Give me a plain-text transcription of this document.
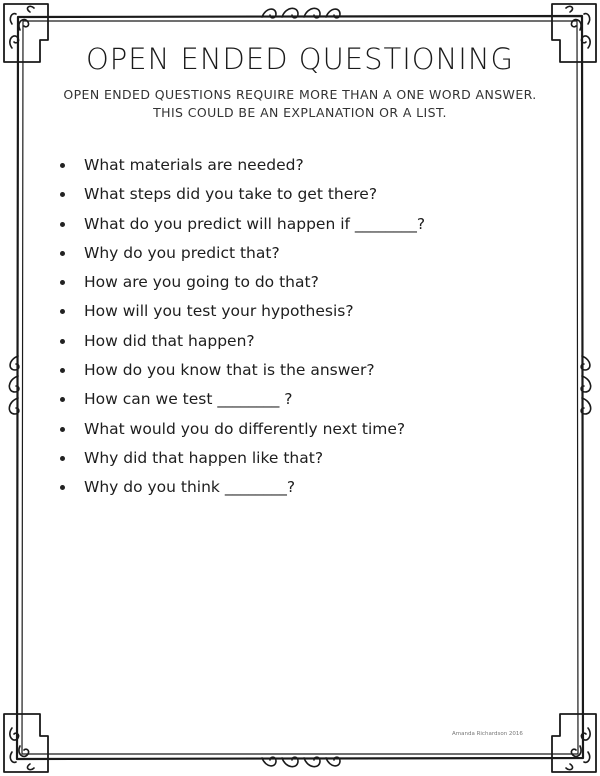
OPEN ENDED QUESTIONING
OPEN ENDED QUESTIONS REQUIRE MORE THAN A ONE WORD ANSWER.
THIS COULD BE AN EXPLANATION OR A LIST.
What materials are needed?
What steps did you take to get there?
What do you predict will happen if ________?
Why do you predict that?
How are you going to do that?
How will you test your hypothesis?
How did that happen?
How do you know that is the answer?
How can we test ________ ?
What would you do differently next time?
Why did that happen like that?
Why do you think ________?
Amanda Richardson 2016
